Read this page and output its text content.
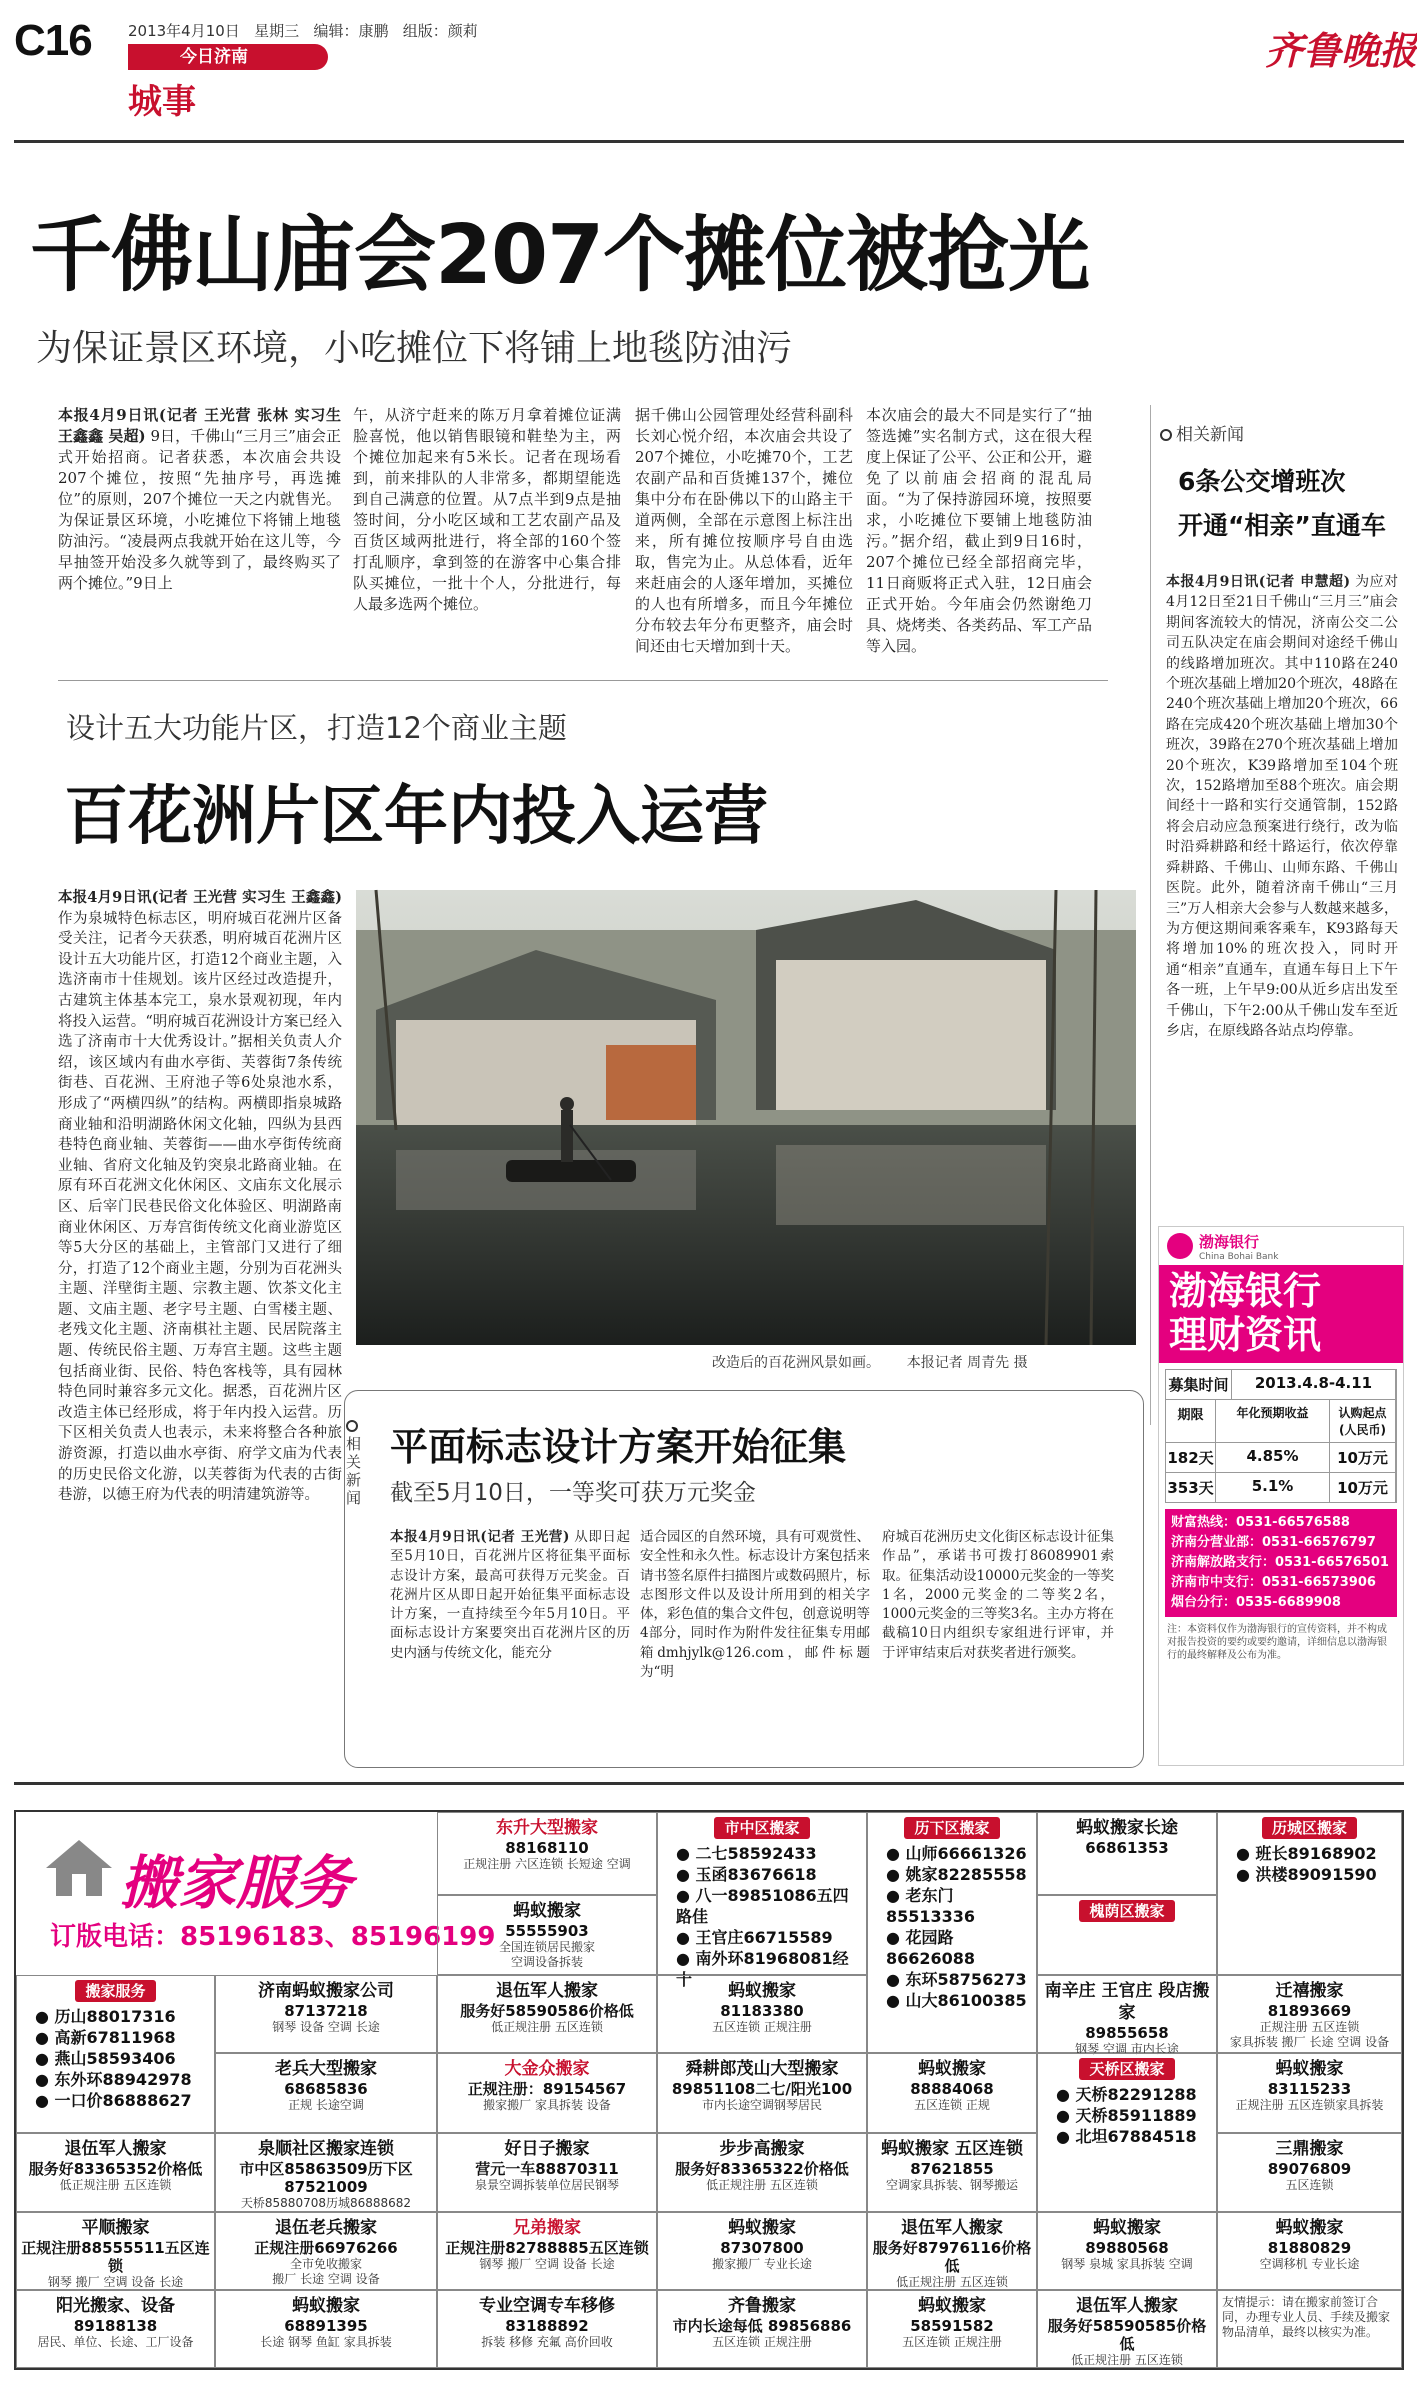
C16 2013年4月10日 星期三 编辑：康鹏 组版：颜莉
今日济南
城事
齐鲁晚报
千佛山庙会207个摊位被抢光
为保证景区环境，小吃摊位下将铺上地毯防油污
本报4月9日讯(记者 王光营 张林 实习生 王鑫鑫 吴超) 9日，千佛山“三月三”庙会正式开始招商。记者获悉，本次庙会共设207个摊位，按照“先抽序号，再选摊位”的原则，207个摊位一天之内就售光。为保证景区环境，小吃摊位下将铺上地毯防油污。“凌晨两点我就开始在这儿等，今早抽签开始没多久就等到了，最终购买了两个摊位。”9日上
午，从济宁赶来的陈万月拿着摊位证满脸喜悦，他以销售眼镜和鞋垫为主，两个摊位加起来有5米长。记者在现场看到，前来排队的人非常多，都期望能选到自己满意的位置。从7点半到9点是抽签时间，分小吃区域和工艺农副产品及百货区域两批进行，将全部的160个签打乱顺序，拿到签的在游客中心集合排队买摊位，一批十个人，分批进行，每人最多选两个摊位。
据千佛山公园管理处经营科副科长刘心悦介绍，本次庙会共设了207个摊位，小吃摊70个，工艺农副产品和百货摊137个，摊位集中分布在卧佛以下的山路主干道两侧，全部在示意图上标注出来，所有摊位按顺序号自由选取，售完为止。从总体看，近年来赶庙会的人逐年增加，买摊位的人也有所增多，而且今年摊位分布较去年分布更整齐，庙会时间还由七天增加到十天。
本次庙会的最大不同是实行了“抽签选摊”实名制方式，这在很大程度上保证了公平、公正和公开，避免了以前庙会招商的混乱局面。“为了保持游园环境，按照要求，小吃摊位下要铺上地毯防油污。”据介绍，截止到9日16时，207个摊位已经全部招商完毕，11日商贩将正式入驻，12日庙会正式开始。今年庙会仍然谢绝刀具、烧烤类、各类药品、军工产品等入园。
相关新闻
6条公交增班次
开通“相亲”直通车
本报4月9日讯(记者 申慧超) 为应对4月12日至21日千佛山“三月三”庙会期间客流较大的情况，济南公交二公司五队决定在庙会期间对途经千佛山的线路增加班次。其中110路在240个班次基础上增加20个班次，48路在240个班次基础上增加20个班次，66路在完成420个班次基础上增加30个班次，39路在270个班次基础上增加20个班次，K39路增加至104个班次，152路增加至88个班次。庙会期间经十一路和实行交通管制，152路将会启动应急预案进行绕行，改为临时沿舜耕路和经十路运行，依次停靠舜耕路、千佛山、山师东路、千佛山医院。此外，随着济南千佛山“三月三”万人相亲大会参与人数越来越多，为方便这期间乘客乘车，K93路每天将增加10%的班次投入，同时开通“相亲”直通车，直通车每日上下午各一班，上午早9:00从近乡店出发至千佛山，下午2:00从千佛山发车至近乡店，在原线路各站点均停靠。
设计五大功能片区，打造12个商业主题
百花洲片区年内投入运营
本报4月9日讯(记者 王光营 实习生 王鑫鑫) 作为泉城特色标志区，明府城百花洲片区备受关注，记者今天获悉，明府城百花洲片区设计五大功能片区，打造12个商业主题，入选济南市十佳规划。该片区经过改造提升，古建筑主体基本完工，泉水景观初现，年内将投入运营。“明府城百花洲设计方案已经入选了济南市十大优秀设计。”据相关负责人介绍，该区域内有曲水亭街、芙蓉街7条传统街巷、百花洲、王府池子等6处泉池水系，形成了“两横四纵”的结构。两横即指泉城路商业轴和沿明湖路休闲文化轴，四纵为县西巷特色商业轴、芙蓉街——曲水亭街传统商业轴、省府文化轴及钓突泉北路商业轴。在原有环百花洲文化休闲区、文庙东文化展示区、后宰门民巷民俗文化体验区、明湖路南商业休闲区、万寿宫街传统文化商业游览区等5大分区的基础上，主管部门又进行了细分，打造了12个商业主题，分别为百花洲头主题、洋壁街主题、宗教主题、饮茶文化主题、文庙主题、老字号主题、白雪楼主题、老残文化主题、济南棋社主题、民居院落主题、传统民俗主题、万寿宫主题。这些主题包括商业街、民俗、特色客栈等，具有园林特色同时兼容多元文化。据悉，百花洲片区改造主体已经形成，将于年内投入运营。历下区相关负责人也表示，未来将整合各种旅游资源，打造以曲水亭街、府学文庙为代表的历史民俗文化游，以芙蓉街为代表的古街巷游，以德王府为代表的明清建筑游等。
改造后的百花洲风景如画。 本报记者 周青先 摄
相关新闻
平面标志设计方案开始征集
截至5月10日，一等奖可获万元奖金
本报4月9日讯(记者 王光营) 从即日起至5月10日，百花洲片区将征集平面标志设计方案，最高可获得万元奖金。百花洲片区从即日起开始征集平面标志设计方案，一直持续至今年5月10日。平面标志设计方案要突出百花洲片区的历史内涵与传统文化，能充分
适合园区的自然环境，具有可观赏性、安全性和永久性。标志设计方案包括来请书签名原件扫描图片或数码照片，标志图形文件以及设计所用到的相关字体，彩色值的集合文件包，创意说明等4部分，同时作为附件发往征集专用邮箱dmhjylk@126.com，邮件标题为“明
府城百花洲历史文化街区标志设计征集作品”，承诺书可拨打86089901索取。征集活动设10000元奖金的一等奖1名，2000元奖金的二等奖2名，1000元奖金的三等奖3名。主办方将在截稿10日内组织专家组进行评审，并于评审结束后对获奖者进行颁奖。
渤海银行
China Bohai Bank
渤海银行
理财资讯
募集时间	2013.4.8-4.11
期限	年化预期收益	认购起点(人民币)
182天	4.85%	10万元
353天	5.1%	10万元
财富热线：0531-66576588
济南分营业部：0531-66576797
济南解放路支行：0531-66576501
济南市中支行：0531-66573906
烟台分行：0535-6689908
注：本资料仅作为渤海银行的宣传资料，并不构成对报告投资的要约或要约邀请，详细信息以渤海银行的最终解释及公布为准。
搬家服务
订版电话：85196183、85196199
东升大型搬家
88168110
正规注册 六区连锁 长短途 空调
市中区搬家
● 二七58592433
● 玉函83676618
● 八一89851086五四路佳
● 王官庄66715589
● 南外环81968081经十
历下区搬家
● 山师66661326
● 姚家82285558
● 老东门85513336
● 花园路86626088
● 东环58756273
● 山大86100385
蚂蚁搬家长途
66861353
历城区搬家
● 班长89168902
● 洪楼89091590
蚂蚁搬家
55555903
全国连锁居民搬家
空调设备拆装
槐荫区搬家
搬家服务
● 历山88017316
● 高新67811968
● 燕山58593406
● 东外环88942978
● 一口价86888627
济南蚂蚁搬家公司
87137218
钢琴 设备 空调 长途
退伍军人搬家
服务好58590586价格低
低正规注册 五区连锁
蚂蚁搬家
81183380
五区连锁 正规注册
南辛庄 王官庄 段店搬家
89855658
钢琴 空调 市内长途
迁禧搬家
81893669
正规注册 五区连锁
家具拆装 搬厂 长途 空调 设备
老兵大型搬家
68685836
正规 长途空调
大金众搬家
正规注册：89154567
搬家搬厂 家具拆装 设备
舜耕郎茂山大型搬家
89851108二七/阳光100
市内长途空调钢琴居民
蚂蚁搬家
88884068
五区连锁 正规
天桥区搬家
● 天桥82291288
● 天桥85911889
● 北坦67884518
蚂蚁搬家
83115233
正规注册 五区连锁家具拆装
退伍军人搬家
服务好83365352价格低
低正规注册 五区连锁
泉顺社区搬家连锁
市中区85863509历下区87521009
天桥85880708历城86888682
好日子搬家
营元一车88870311
泉景空调拆装单位居民钢琴
步步高搬家
服务好83365322价格低
低正规注册 五区连锁
蚂蚁搬家 五区连锁
87621855
空调家具拆装、钢琴搬运
三鼎搬家
89076809
五区连锁
平顺搬家
正规注册88555511五区连锁
钢琴 搬厂 空调 设备 长途
退伍老兵搬家
正规注册66976266
全市免收搬家
搬厂 长途 空调 设备
兄弟搬家
正规注册82788885五区连锁
钢琴 搬厂 空调 设备 长途
蚂蚁搬家
87307800
搬家搬厂 专业长途
退伍军人搬家
服务好87976116价格低
低正规注册 五区连锁
蚂蚁搬家
89880568
钢琴 泉城 家具拆装 空调
蚂蚁搬家
81880829
空调移机 专业长途
阳光搬家、设备
89188138
居民、单位、长途、工厂设备
蚂蚁搬家
68891395
长途 钢琴 鱼缸 家具拆装
专业空调专车移修
83188892
拆装 移修 充氟 高价回收
齐鲁搬家
市内长途每低 89856886
五区连锁 正规注册
蚂蚁搬家
58591582
五区连锁 正规注册
退伍军人搬家
服务好58590585价格低
低正规注册 五区连锁
友情提示：请在搬家前签订合同，办理专业人员、手续及搬家物品清单，最终以核实为准。
